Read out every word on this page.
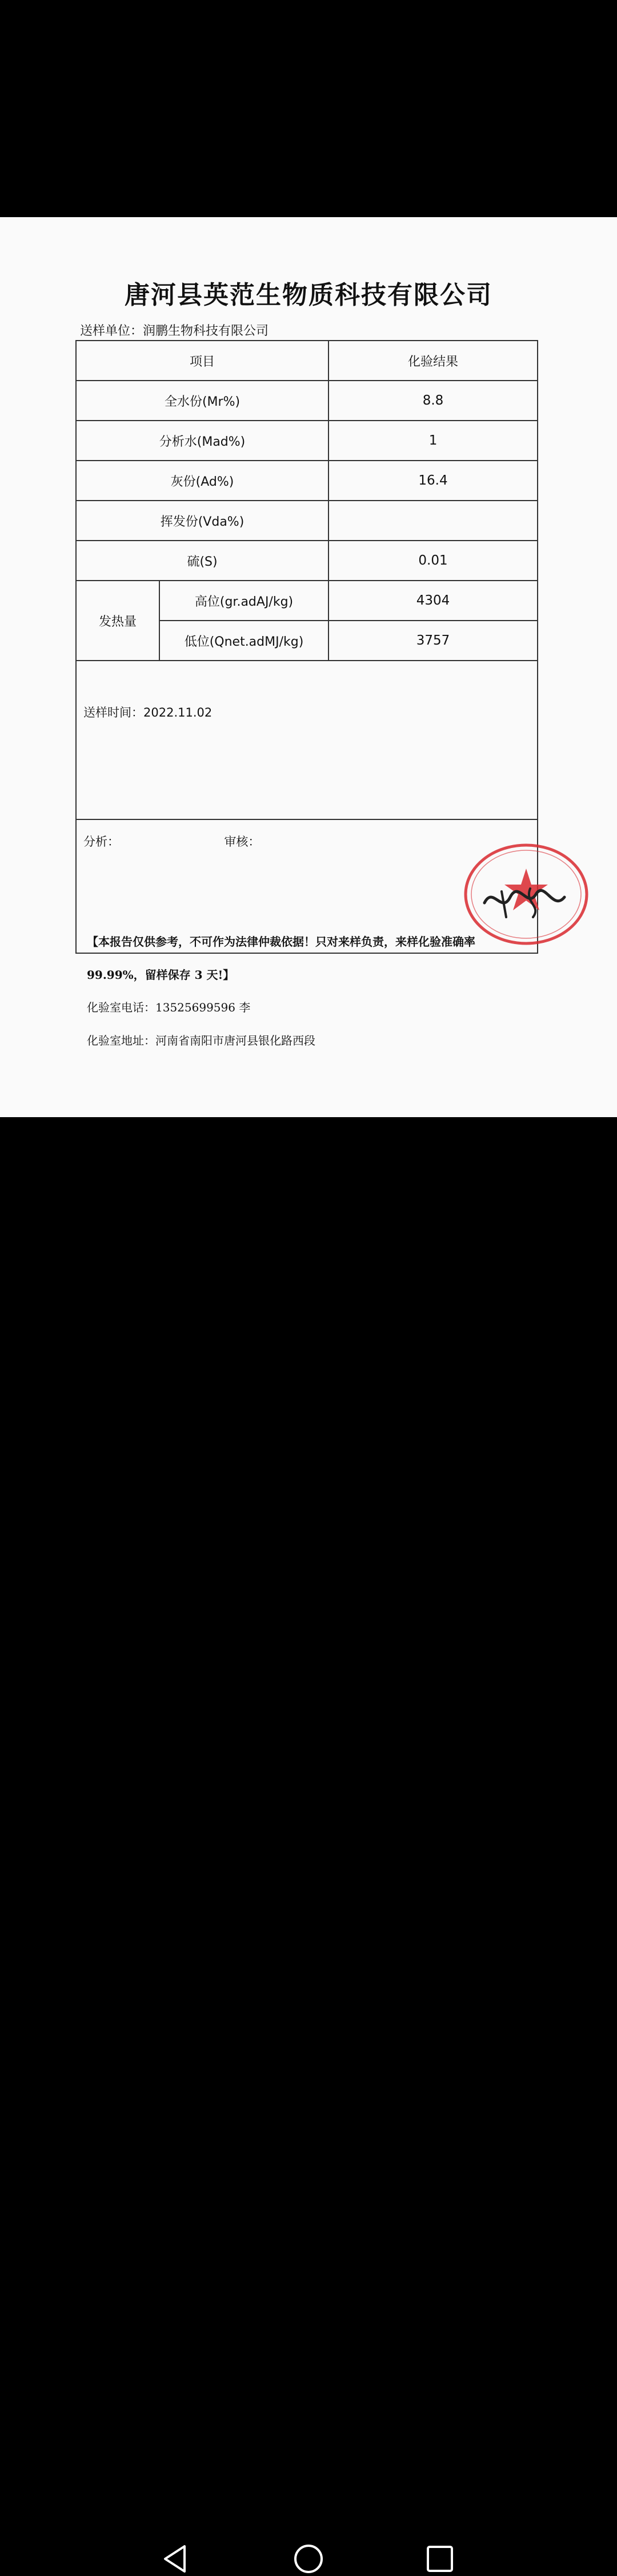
唐河县英范生物质科技有限公司
送样单位：润鹏生物科技有限公司
项目		化验结果
全水份(Mr%)		8.8
分析水(Mad%)		1
灰份(Ad%)		16.4
挥发份(Vda%)		
硫(S)		0.01
发热量	高位(gr.adAJ/kg)	4304
	低位(Qnet.adMJ/kg)	3757
送样时间：2022.11.02		
分析： 审核：		
【本报告仅供参考，不可作为法律仲裁依据！只对来样负责，来样化验准确率
99.99%，留样保存 3 天!】
化验室电话：13525699596 李
化验室地址：河南省南阳市唐河县银化路西段
